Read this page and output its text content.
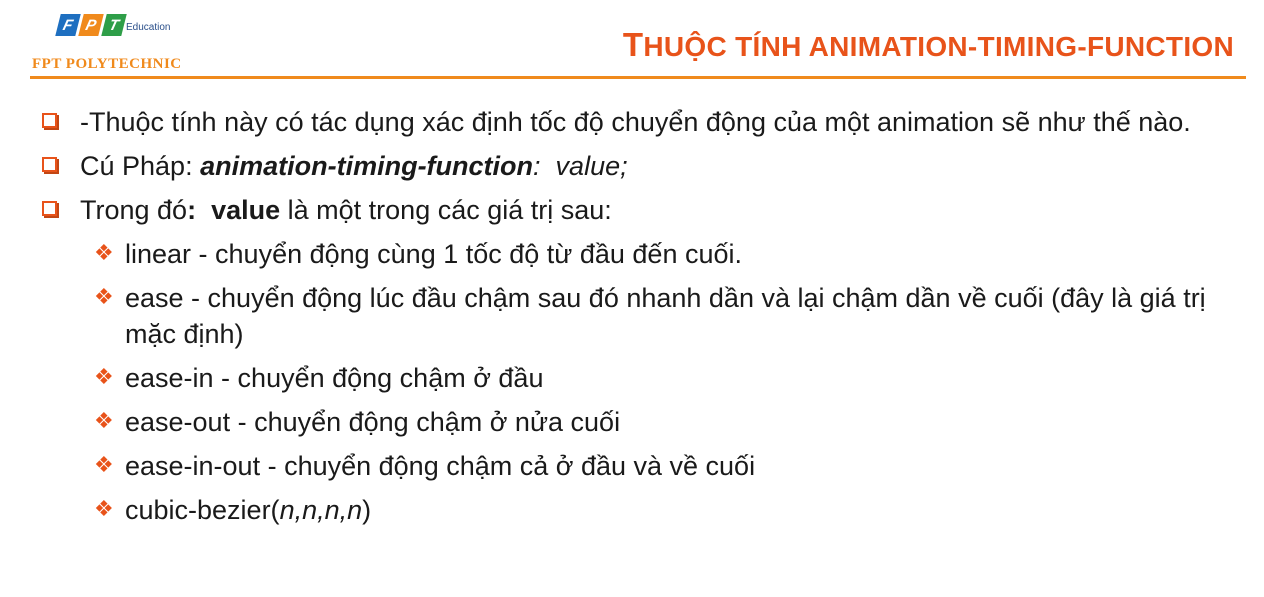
F P T Education
FPT POLYTECHNIC
THUỘC TÍNH ANIMATION-TIMING-FUNCTION
-Thuộc tính này có tác dụng xác định tốc độ chuyển động của một animation sẽ như thế nào.
Cú Pháp: animation-timing-function:  value;
Trong đó: value là một trong các giá trị sau:
❖ linear - chuyển động cùng 1 tốc độ từ đầu đến cuối.
❖ ease - chuyển động lúc đầu chậm sau đó nhanh dần và lại chậm dần về cuối (đây là giá trị mặc định)
❖ ease-in - chuyển động chậm ở đầu
❖ ease-out - chuyển động chậm ở nửa cuối
❖ ease-in-out - chuyển động chậm cả ở đầu và về cuối
❖ cubic-bezier(n,n,n,n)
